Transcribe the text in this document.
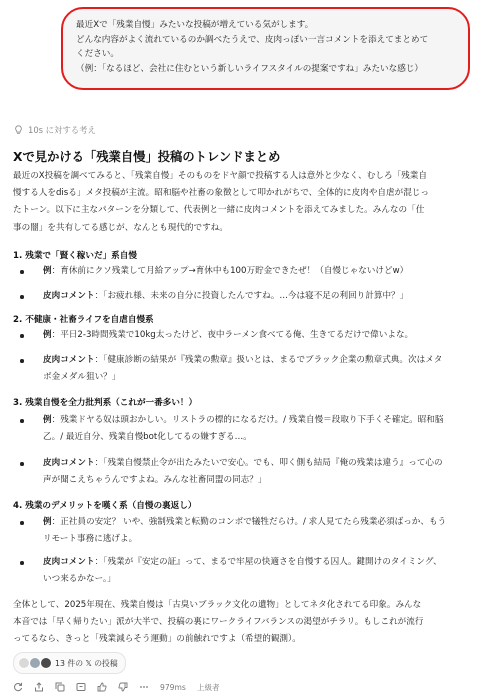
最近Xで「残業自慢」みたいな投稿が増えている気がします。
どんな内容がよく流れているのか調べたうえで、皮肉っぽい一言コメントを添えてまとめて
ください。
（例：「なるほど、会社に住むという新しいライフスタイルの提案ですね」みたいな感じ）
10s に対する考え
Xで見かける「残業自慢」投稿のトレンドまとめ
最近のX投稿を調べてみると、「残業自慢」そのものをドヤ顔で投稿する人は意外と少なく、むしろ「残業自
慢する人をdisる」メタ投稿が主流。昭和脳や社畜の象徴として叩かれがちで、全体的に皮肉や自虐が混じっ
たトーン。以下に主なパターンを分類して、代表例と一緒に皮肉コメントを添えてみました。みんなの「仕
事の闇」を共有してる感じが、なんとも現代的ですね。
1. 残業で「賢く稼いだ」系自慢
例：育休前にクソ残業して月給アップ→育休中も100万貯金できたぜ！（自慢じゃないけどw）
皮肉コメント：「お疲れ様、未来の自分に投資したんですね。…今は寝不足の利回り計算中？」
2. 不健康・社畜ライフを自虐自慢系
例：平日2-3時間残業で10kg太ったけど、夜中ラーメン食べてる俺、生きてるだけで偉いよな。
皮肉コメント：「健康診断の結果が『残業の勲章』扱いとは、まるでブラック企業の勲章式典。次はメタ
ボ金メダル狙い？」
3. 残業自慢を全力批判系（これが一番多い！）
例：残業ドヤる奴は頭おかしい。リストラの標的になるだけ。/ 残業自慢＝段取り下手くそ確定。昭和脳
乙。/ 最近自分、残業自慢bot化してるの嫌すぎる…。
皮肉コメント：「残業自慢禁止令が出たみたいで安心。でも、叩く側も結局『俺の残業は違う』って心の
声が聞こえちゃうんですよね。みんな社畜同盟の同志？」
4. 残業のデメリットを嘆く系（自慢の裏返し）
例：正社員の安定？ いや、強制残業と転勤のコンボで犠牲だらけ。/ 求人見てたら残業必須ばっか、もう
リモート事務に逃げよ。
皮肉コメント：「残業が『安定の証』って、まるで牢屋の快適さを自慢する囚人。鍵開けのタイミング、
いつ来るかなー。」
全体として、2025年現在、残業自慢は「古臭いブラック文化の遺物」としてネタ化されてる印象。みんな
本音では「早く帰りたい」派が大半で、投稿の裏にワークライフバランスの渇望がチラリ。もしこれが流行
ってるなら、きっと「残業減らそう運動」の前触れですよ（希望的観測）。
13 件の 𝕏 の投稿
979ms 上級者
